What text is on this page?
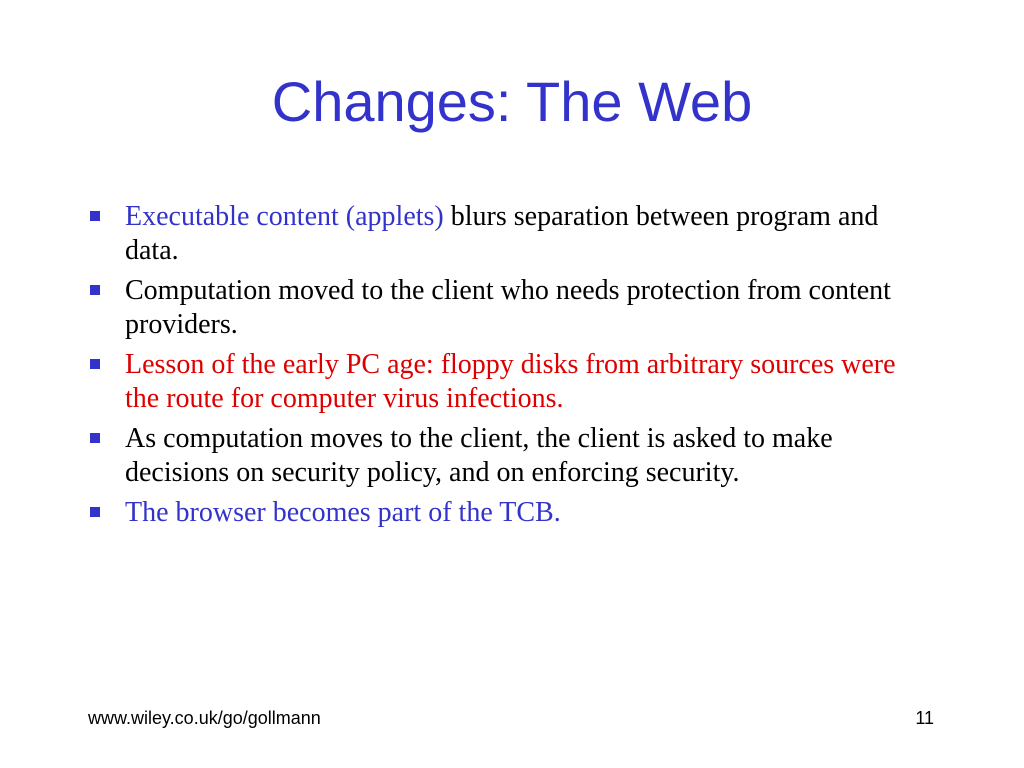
Changes: The Web
Executable content (applets) blurs separation between program and data.
Computation moved to the client who needs protection from content providers.
Lesson of the early PC age: floppy disks from arbitrary sources were the route for computer virus infections.
As computation moves to the client, the client is asked to make decisions on security policy, and on enforcing security.
The browser becomes part of the TCB.
www.wiley.co.uk/go/gollmann	11
